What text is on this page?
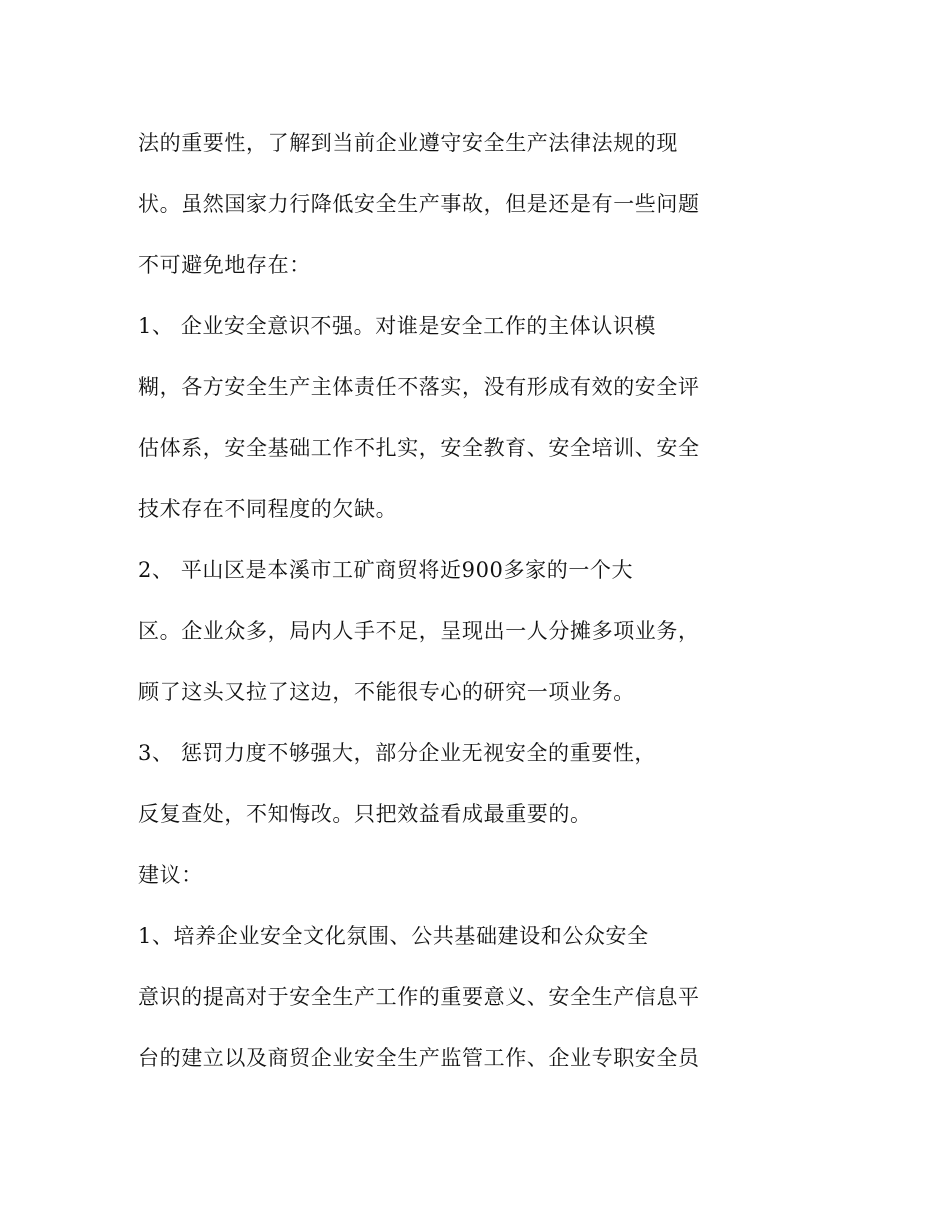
法的重要性，了解到当前企业遵守安全生产法律法规的现
状。虽然国家力行降低安全生产事故，但是还是有一些问题
不可避免地存在：
1、 企业安全意识不强。对谁是安全工作的主体认识模
糊，各方安全生产主体责任不落实，没有形成有效的安全评
估体系，安全基础工作不扎实，安全教育、安全培训、安全
技术存在不同程度的欠缺。
2、 平山区是本溪市工矿商贸将近900多家的一个大
区。企业众多，局内人手不足，呈现出一人分摊多项业务，
顾了这头又拉了这边，不能很专心的研究一项业务。
3、 惩罚力度不够强大，部分企业无视安全的重要性，
反复查处，不知悔改。只把效益看成最重要的。
建议：
1、培养企业安全文化氛围、公共基础建设和公众安全
意识的提高对于安全生产工作的重要意义、安全生产信息平
台的建立以及商贸企业安全生产监管工作、企业专职安全员
